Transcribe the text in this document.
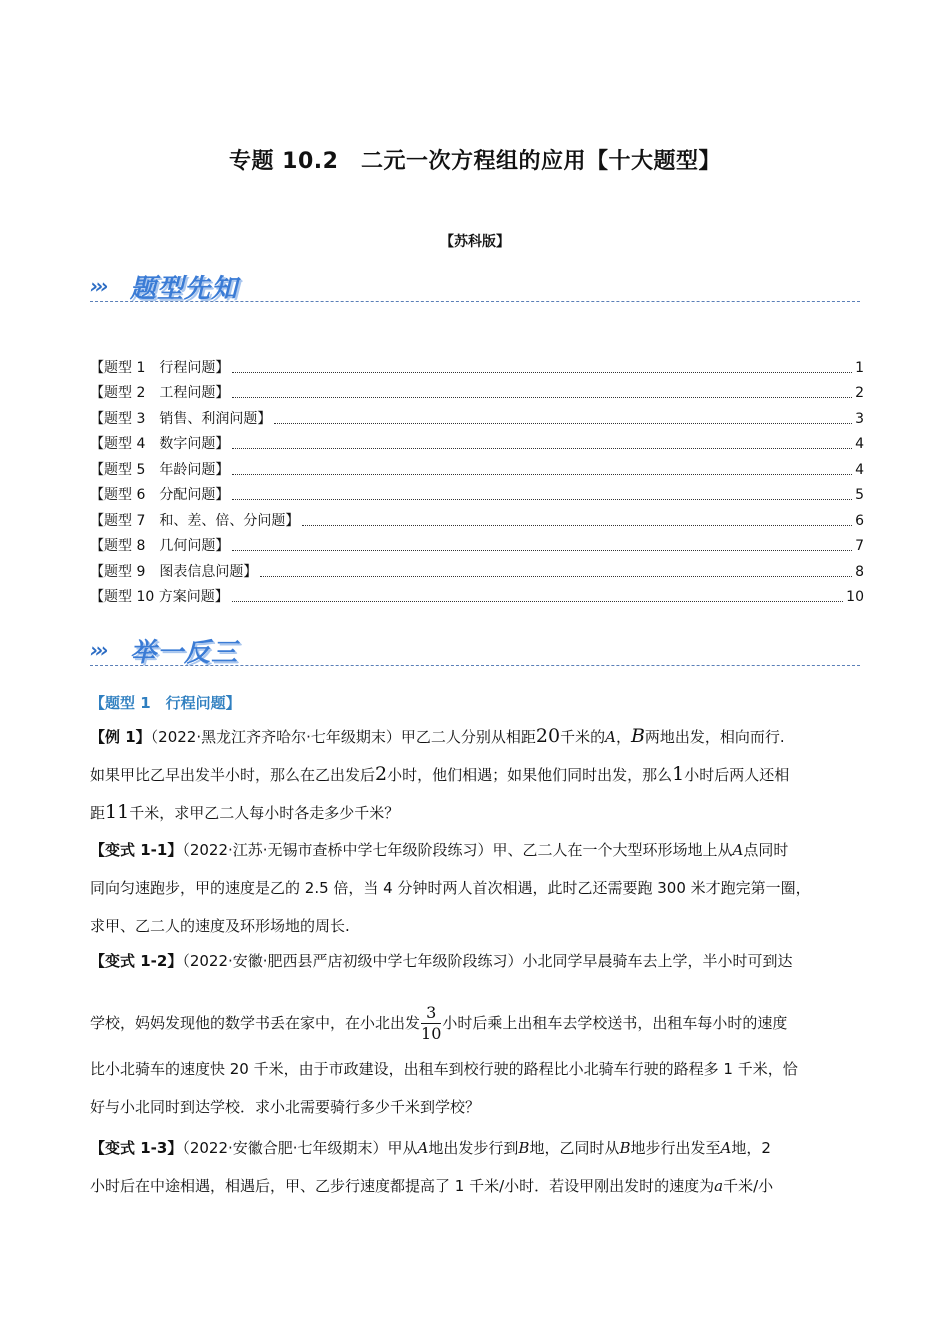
专题 10.2　二元一次方程组的应用【十大题型】
【苏科版】
››› 题型先知
【题型 1　行程问题】	1
【题型 2　工程问题】	2
【题型 3　销售、利润问题】	3
【题型 4　数字问题】	4
【题型 5　年龄问题】	4
【题型 6　分配问题】	5
【题型 7　和、差、倍、分问题】	6
【题型 8　几何问题】	7
【题型 9　图表信息问题】	8
【题型 10 方案问题】	10
››› 举一反三
【题型 1　行程问题】
【例 1】（2022·黑龙江齐齐哈尔·七年级期末）甲乙二人分别从相距20千米的A，B两地出发，相向而行.
如果甲比乙早出发半小时，那么在乙出发后2小时，他们相遇；如果他们同时出发，那么1小时后两人还相
距11千米，求甲乙二人每小时各走多少千米？
【变式 1-1】（2022·江苏·无锡市查桥中学七年级阶段练习）甲、乙二人在一个大型环形场地上从A点同时
同向匀速跑步，甲的速度是乙的 2.5 倍，当 4 分钟时两人首次相遇，此时乙还需要跑 300 米才跑完第一圈，
求甲、乙二人的速度及环形场地的周长.
【变式 1-2】（2022·安徽·肥西县严店初级中学七年级阶段练习）小北同学早晨骑车去上学，半小时可到达
学校，妈妈发现他的数学书丢在家中，在小北出发 $\frac{3}{10}$ 小时后乘上出租车去学校送书，出租车每小时的速度
比小北骑车的速度快 20 千米，由于市政建设，出租车到校行驶的路程比小北骑车行驶的路程多 1 千米，恰
好与小北同时到达学校．求小北需要骑行多少千米到学校？
【变式 1-3】（2022·安徽合肥·七年级期末）甲从A地出发步行到B地，乙同时从B地步行出发至A地，2
小时后在中途相遇，相遇后，甲、乙步行速度都提高了 1 千米/小时．若设甲刚出发时的速度为a千米/小
